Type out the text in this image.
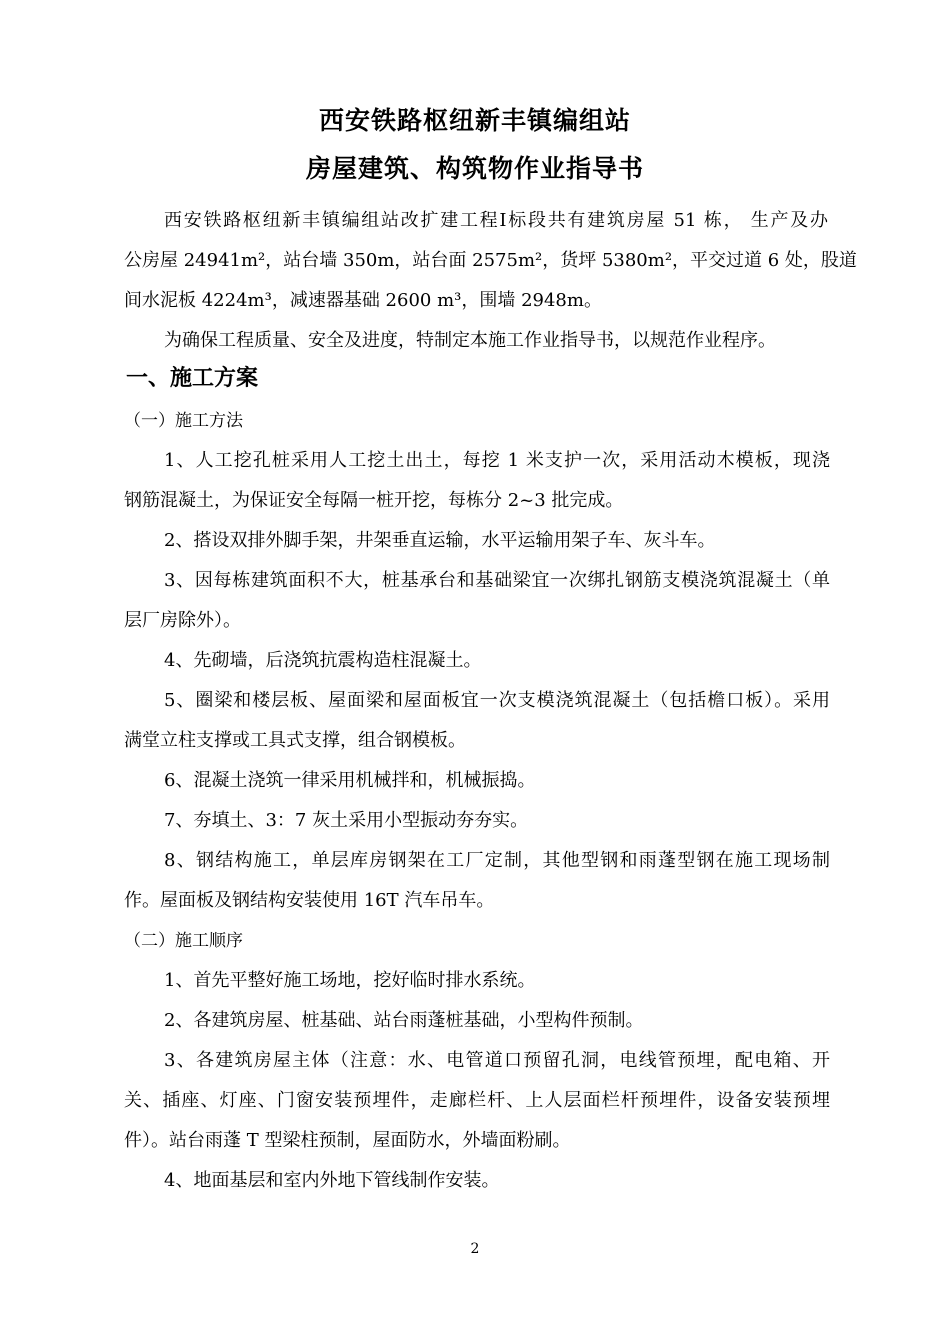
西安铁路枢纽新丰镇编组站
房屋建筑、构筑物作业指导书
西安铁路枢纽新丰镇编组站改扩建工程Ⅰ标段共有建筑房屋 51 栋， 生产及办
公房屋 24941m²，站台墙 350m，站台面 2575m²，货坪 5380m²，平交过道 6 处，股道
间水泥板 4224m³，减速器基础 2600 m³，围墙 2948m。
为确保工程质量、安全及进度，特制定本施工作业指导书，以规范作业程序。
一、施工方案
（一）施工方法
1、人工挖孔桩采用人工挖土出土，每挖 1 米支护一次，采用活动木模板，现浇
钢筋混凝土，为保证安全每隔一桩开挖，每栋分 2~3 批完成。
2、搭设双排外脚手架，井架垂直运输，水平运输用架子车、灰斗车。
3、因每栋建筑面积不大，桩基承台和基础梁宜一次绑扎钢筋支模浇筑混凝土（单
层厂房除外）。
4、先砌墙，后浇筑抗震构造柱混凝土。
5、圈梁和楼层板、屋面梁和屋面板宜一次支模浇筑混凝土（包括檐口板）。采用
满堂立柱支撑或工具式支撑，组合钢模板。
6、混凝土浇筑一律采用机械拌和，机械振捣。
7、夯填土、3：7 灰土采用小型振动夯夯实。
8、钢结构施工，单层库房钢架在工厂定制，其他型钢和雨蓬型钢在施工现场制
作。屋面板及钢结构安装使用 16T 汽车吊车。
（二）施工顺序
1、首先平整好施工场地，挖好临时排水系统。
2、各建筑房屋、桩基础、站台雨蓬桩基础，小型构件预制。
3、各建筑房屋主体（注意：水、电管道口预留孔洞，电线管预埋，配电箱、开
关、插座、灯座、门窗安装预埋件，走廊栏杆、上人层面栏杆预埋件，设备安装预埋
件）。站台雨蓬 T 型梁柱预制，屋面防水，外墙面粉刷。
4、地面基层和室内外地下管线制作安装。
2
